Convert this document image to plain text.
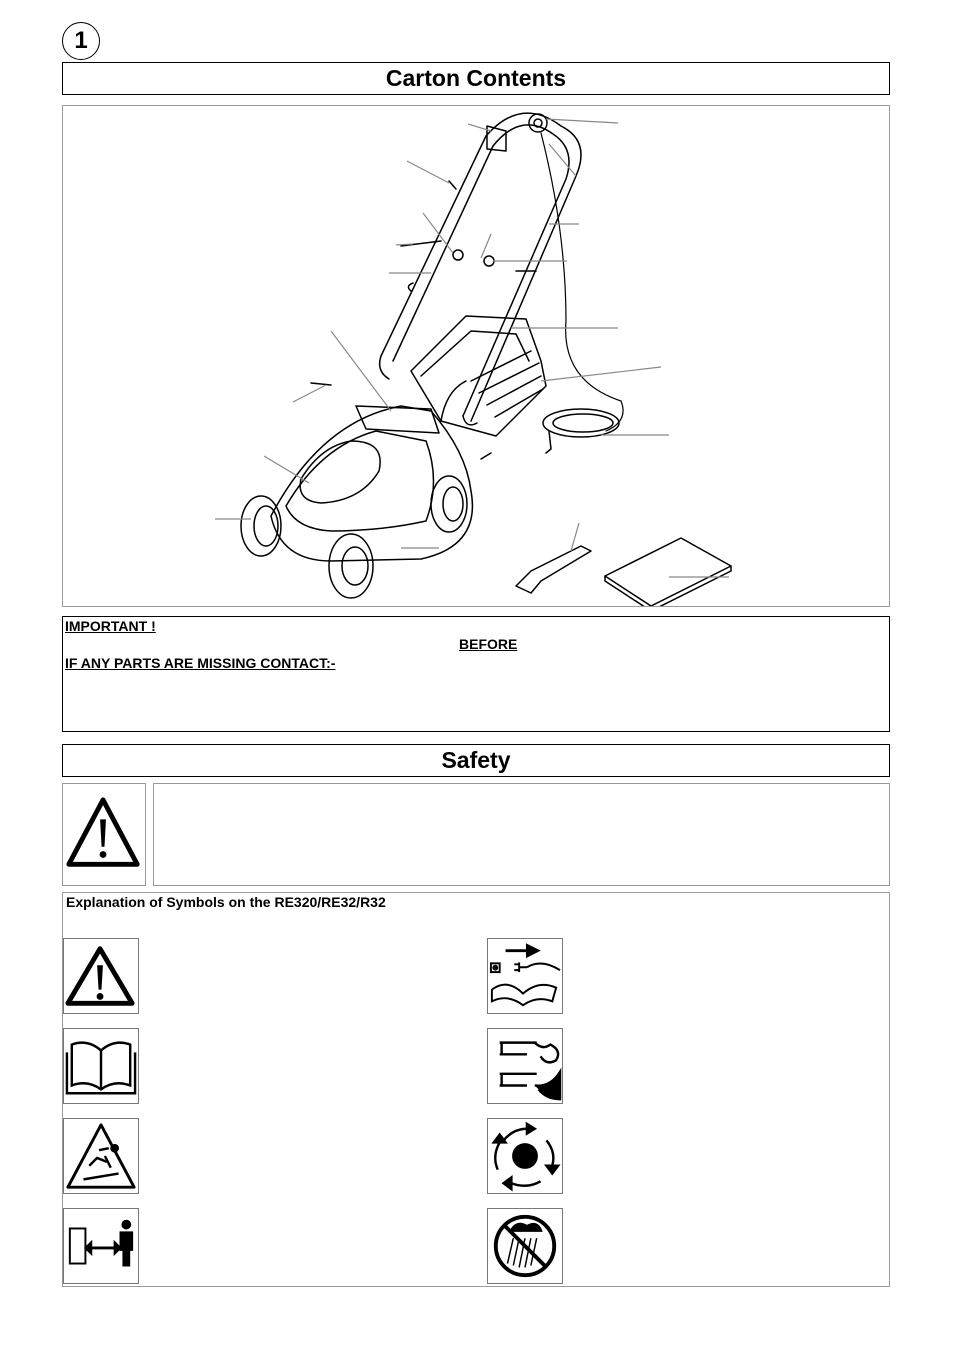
1
Carton Contents
IMPORTANT !
BEFORE
IF ANY PARTS ARE MISSING CONTACT:-
Safety
Explanation of Symbols on the RE320/RE32/R32
